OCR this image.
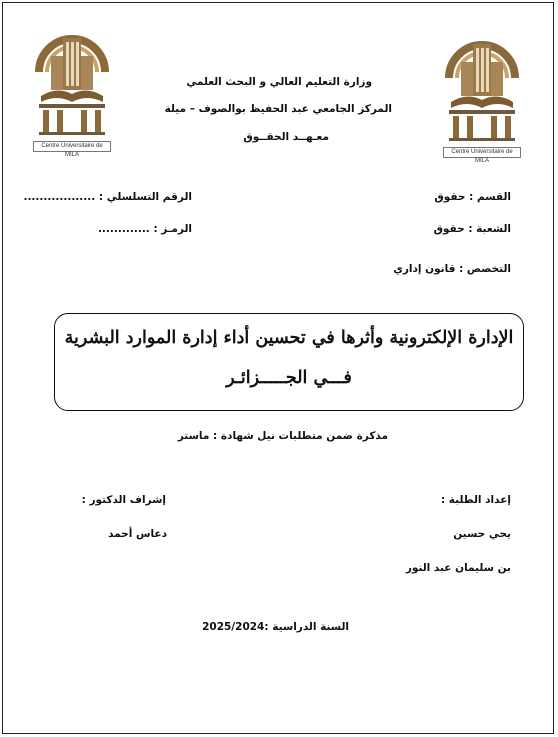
Centre Universitaire de MILA	Centre Universitaire de MILA
وزارة التعليم العالي و البحث العلمي
المركز الجامعي عبد الحفيظ بوالصوف – ميلة
معـهــد الحقــوق
القسم : حقوق
الرقم التسلسلي : ..................
الشعبة : حقوق
الرمـز : .............
التخصص : قانون إداري
الإدارة الإلكترونية وأثرها في تحسين أداء إدارة الموارد البشرية
فـــي الجـــــزائـر
مذكرة ضمن متطلبات نيل شهادة : ماستر
إعداد الطلبة :
إشراف الدكتور :
يحي حسين
دعاس أحمد
بن سليمان عبد النور
السنة الدراسية :2025/2024
